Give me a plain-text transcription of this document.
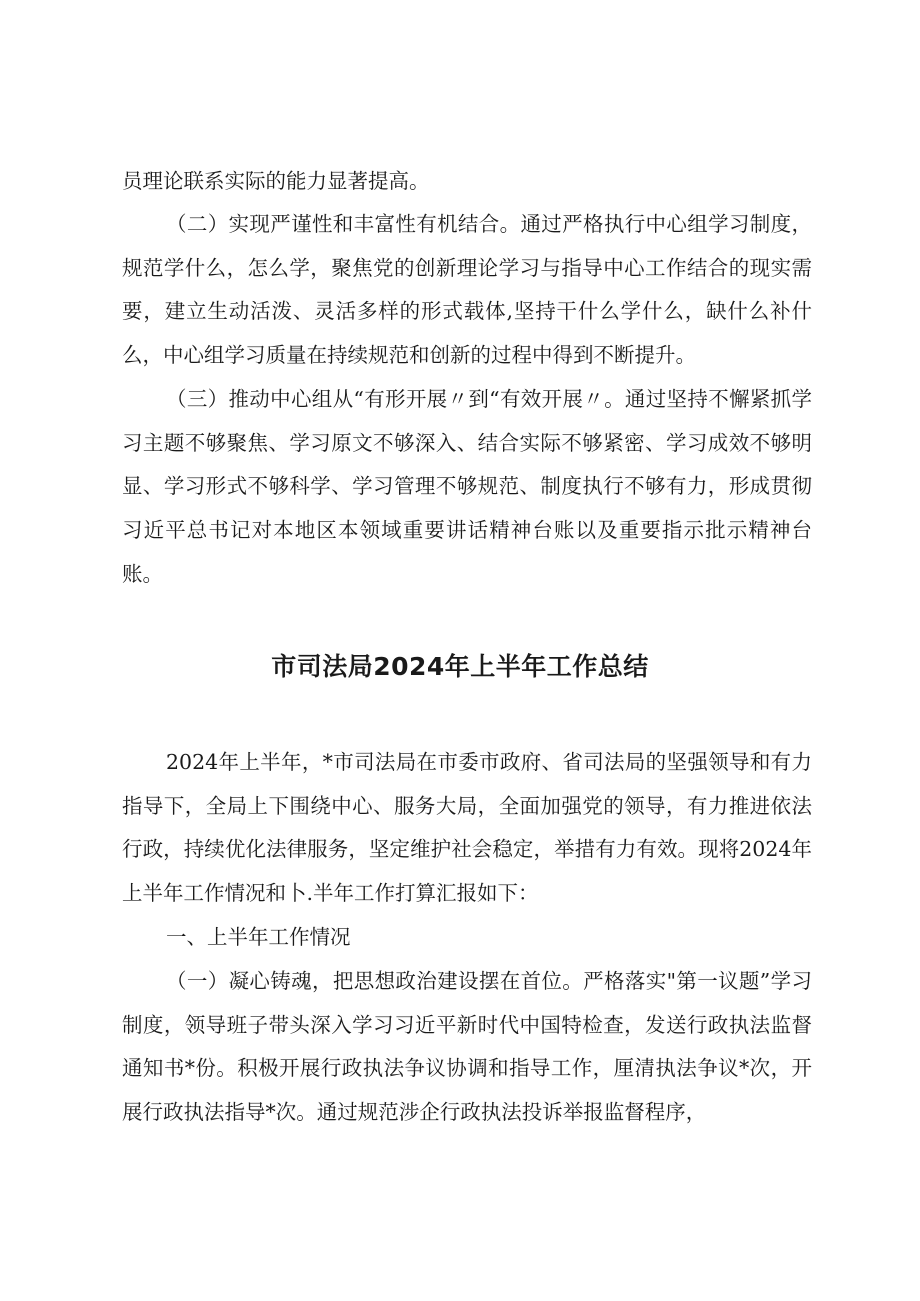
员理论联系实际的能力显著提高。

（二）实现严谨性和丰富性有机结合。通过严格执行中心组学习制度，规范学什么，怎么学，聚焦党的创新理论学习与指导中心工作结合的现实需要，建立生动活泼、灵活多样的形式载体,坚持干什么学什么，缺什么补什么，中心组学习质量在持续规范和创新的过程中得到不断提升。

（三）推动中心组从“有形开展〃到“有效开展〃。通过坚持不懈紧抓学习主题不够聚焦、学习原文不够深入、结合实际不够紧密、学习成效不够明显、学习形式不够科学、学习管理不够规范、制度执行不够有力，形成贯彻习近平总书记对本地区本领域重要讲话精神台账以及重要指示批示精神台账。

市司法局2024年上半年工作总结

2024年上半年，*市司法局在市委市政府、省司法局的坚强领导和有力指导下，全局上下围绕中心、服务大局，全面加强党的领导，有力推进依法行政，持续优化法律服务，坚定维护社会稳定，举措有力有效。现将2024年上半年工作情况和卜.半年工作打算汇报如下：

一、上半年工作情况

（一）凝心铸魂，把思想政治建设摆在首位。严格落实"第一议题”学习制度，领导班子带头深入学习习近平新时代中国特检查，发送行政执法监督通知书*份。积极开展行政执法争议协调和指导工作，厘清执法争议*次，开展行政执法指导*次。通过规范涉企行政执法投诉举报监督程序，
